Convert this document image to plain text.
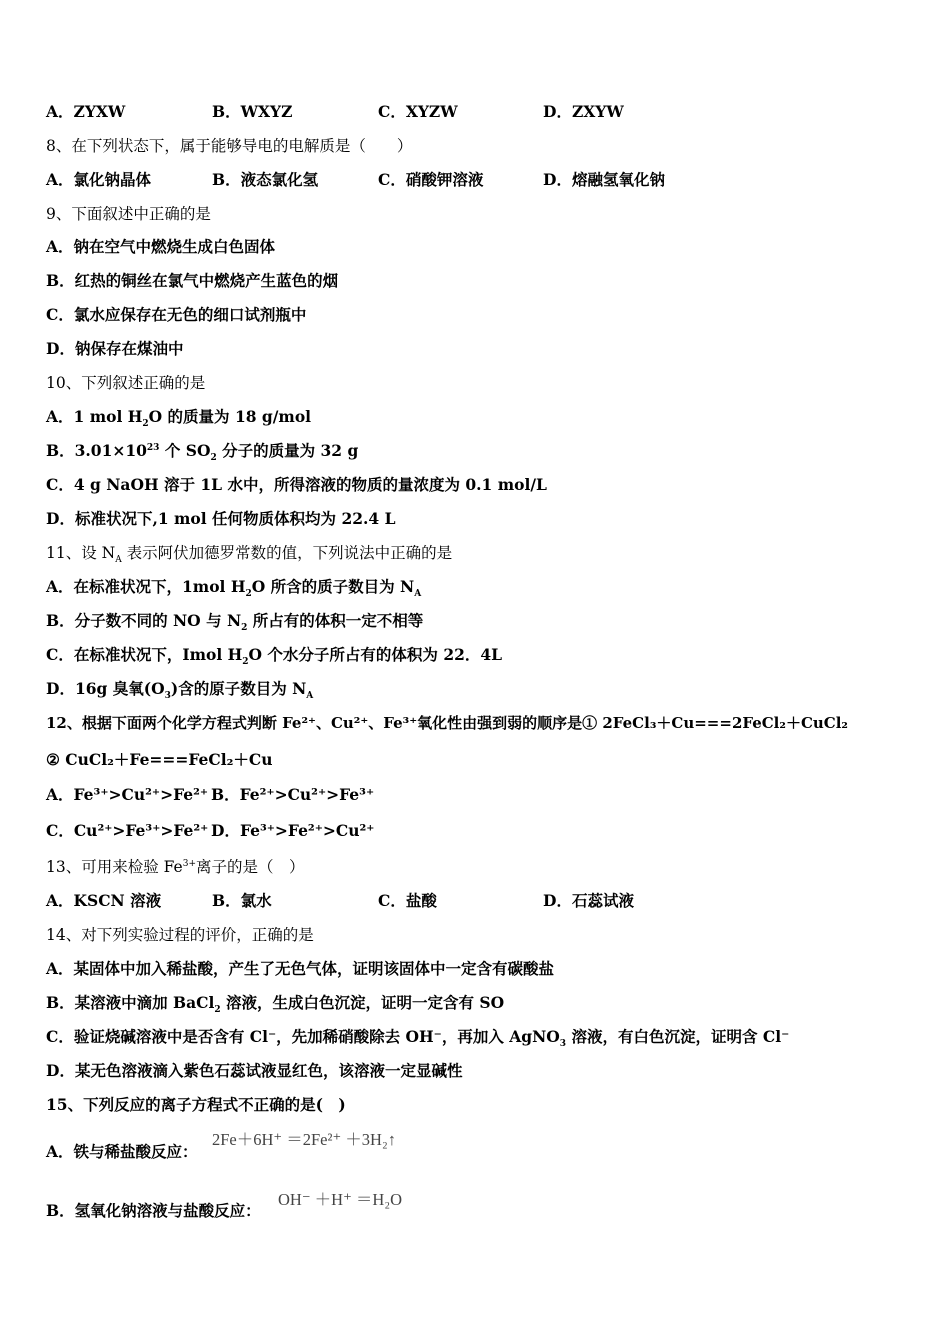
A．ZYXW	B．WXYZ	C．XYZW	D．ZXYW
8、在下列状态下，属于能够导电的电解质是（　　）
A．氯化钠晶体	B．液态氯化氢	C．硝酸钾溶液	D．熔融氢氧化钠
9、下面叙述中正确的是
A．钠在空气中燃烧生成白色固体
B．红热的铜丝在氯气中燃烧产生蓝色的烟
C．氯水应保存在无色的细口试剂瓶中
D．钠保存在煤油中
10、下列叙述正确的是
A．1 mol $H_2O$ 的质量为 18 g/mol
B．$3.01\times 10^{23}$ 个 $SO_2$ 分子的质量为 32 g
C．4 g NaOH 溶于 1L 水中，所得溶液的物质的量浓度为 0.1 mol/L
D．标准状况下,1 mol 任何物质体积均为 22.4 L
11、设 $N_A$ 表示阿伏加德罗常数的值，下列说法中正确的是
A．在标准状况下，1mol $H_2O$ 所含的质子数目为 $N_A$
B．分子数不同的 NO 与 $N_2$ 所占有的体积一定不相等
C．在标准状况下，Imol $H_2O$ 个水分子所占有的体积为 22．4L
D．16g 臭氧$(O_3)$含的原子数目为 $N_A$
12、根据下面两个化学方程式判断 Fe²⁺、Cu²⁺、Fe³⁺氧化性由强到弱的顺序是① 2FeCl₃＋Cu===2FeCl₂＋CuCl₂
② CuCl₂＋Fe===FeCl₂＋Cu
A．Fe³⁺>Cu²⁺>Fe²⁺ B．Fe²⁺>Cu²⁺>Fe³⁺
C．Cu²⁺>Fe³⁺>Fe²⁺ D．Fe³⁺>Fe²⁺>Cu²⁺
13、可用来检验 $Fe^{3+}$离子的是（　）
A．KSCN 溶液	B．氯水	C．盐酸	D．石蕊试液
14、对下列实验过程的评价，正确的是
A．某固体中加入稀盐酸，产生了无色气体，证明该固体中一定含有碳酸盐
B．某溶液中滴加 BaCl$_2$ 溶液，生成白色沉淀，证明一定含有 SO
C．验证烧碱溶液中是否含有 Cl⁻，先加稀硝酸除去 OH⁻，再加入 AgNO$_3$ 溶液，有白色沉淀，证明含 Cl⁻
D．某无色溶液滴入紫色石蕊试液显红色，该溶液一定显碱性
15、下列反应的离子方程式不正确的是(　)
A．铁与稀盐酸反应：
2Fe＋6H⁺ ＝2Fe²⁺ ＋3H₂↑
B．氢氧化钠溶液与盐酸反应：
OH⁻ ＋H⁺ ＝H₂O
